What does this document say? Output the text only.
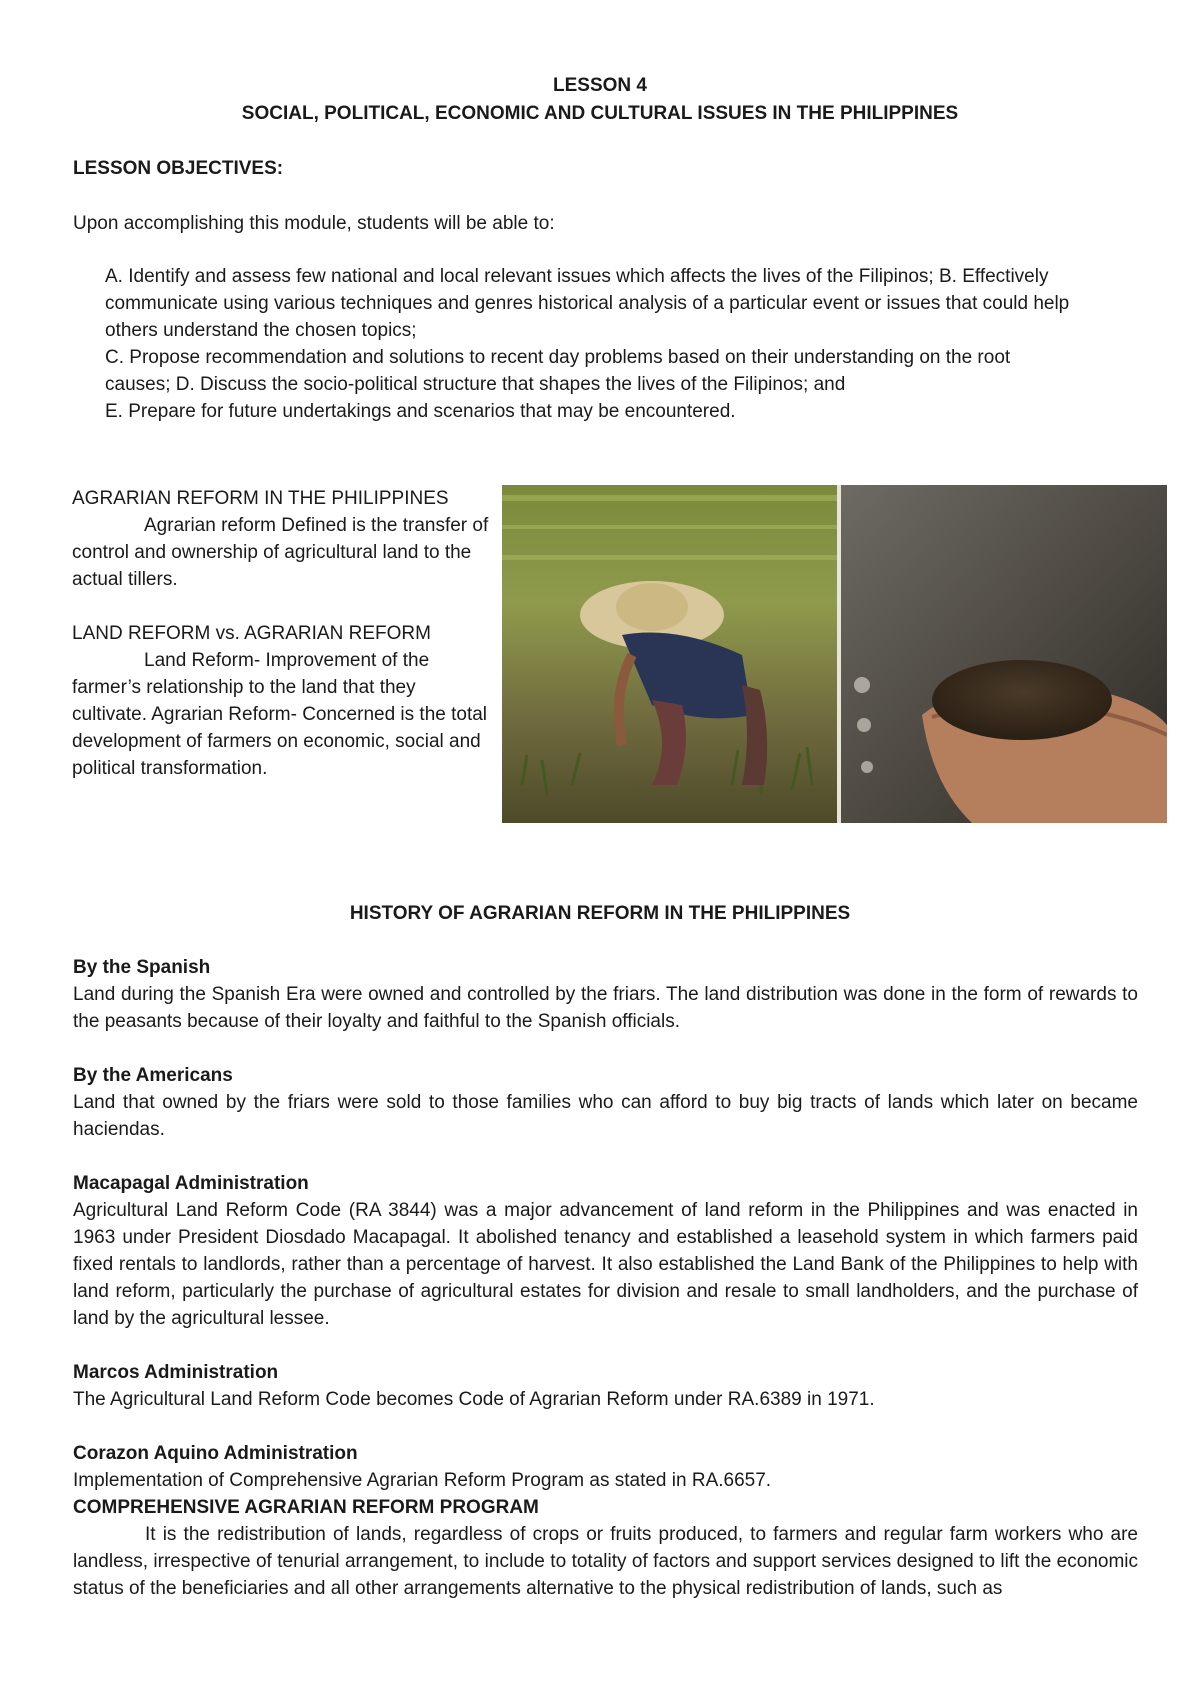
LESSON 4
SOCIAL, POLITICAL, ECONOMIC AND CULTURAL ISSUES IN THE PHILIPPINES
LESSON OBJECTIVES:
Upon accomplishing this module, students will be able to:
A. Identify and assess few national and local relevant issues which affects the lives of the Filipinos; B. Effectively
communicate using various techniques and genres historical analysis of a particular event or issues that could help
others understand the chosen topics;
C. Propose recommendation and solutions to recent day problems based on their understanding on the root
causes; D. Discuss the socio-political structure that shapes the lives of the Filipinos; and
E. Prepare for future undertakings and scenarios that may be encountered.

AGRARIAN REFORM IN THE PHILIPPINES

Agrarian reform Defined is the transfer of control and ownership of agricultural land to the actual tillers.

LAND REFORM vs. AGRARIAN REFORM

Land Reform- Improvement of the farmer’s relationship to the land that they cultivate. Agrarian Reform- Concerned is the total development of farmers on economic, social and political transformation.

HISTORY OF AGRARIAN REFORM IN THE PHILIPPINES
By the Spanish
Land during the Spanish Era were owned and controlled by the friars. The land distribution was done in the form of rewards to the peasants because of their loyalty and faithful to the Spanish officials.
By the Americans
Land that owned by the friars were sold to those families who can afford to buy big tracts of lands which later on became haciendas.
Macapagal Administration
Agricultural Land Reform Code (RA 3844) was a major advancement of land reform in the Philippines and was enacted in 1963 under President Diosdado Macapagal. It abolished tenancy and established a leasehold system in which farmers paid fixed rentals to landlords, rather than a percentage of harvest. It also established the Land Bank of the Philippines to help with land reform, particularly the purchase of agricultural estates for division and resale to small landholders, and the purchase of land by the agricultural lessee.
Marcos Administration
The Agricultural Land Reform Code becomes Code of Agrarian Reform under RA.6389 in 1971.
Corazon Aquino Administration
Implementation of Comprehensive Agrarian Reform Program as stated in RA.6657.
COMPREHENSIVE AGRARIAN REFORM PROGRAM
It is the redistribution of lands, regardless of crops or fruits produced, to farmers and regular farm workers who are landless, irrespective of tenurial arrangement, to include to totality of factors and support services designed to lift the economic status of the beneficiaries and all other arrangements alternative to the physical redistribution of lands, such as
